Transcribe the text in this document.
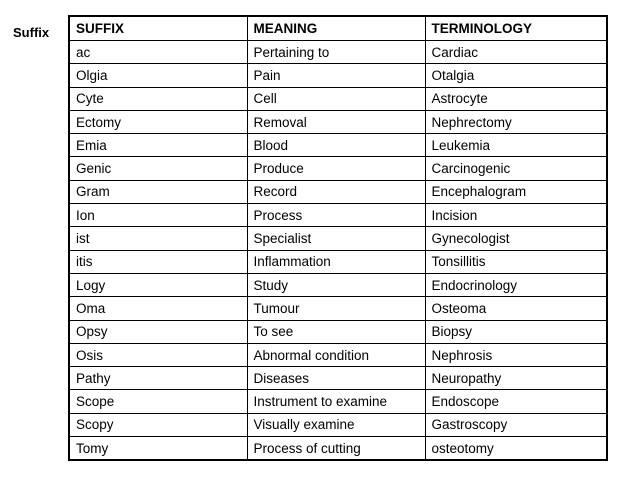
Suffix SUFFIX	MEANING	TERMINOLOGY
ac	Pertaining to	Cardiac
Olgia	Pain	Otalgia
Cyte	Cell	Astrocyte
Ectomy	Removal	Nephrectomy
Emia	Blood	Leukemia
Genic	Produce	Carcinogenic
Gram	Record	Encephalogram
Ion	Process	Incision
ist	Specialist	Gynecologist
itis	Inflammation	Tonsillitis
Logy	Study	Endocrinology
Oma	Tumour	Osteoma
Opsy	To see	Biopsy
Osis	Abnormal condition	Nephrosis
Pathy	Diseases	Neuropathy
Scope	Instrument to examine	Endoscope
Scopy	Visually examine	Gastroscopy
Tomy	Process of cutting	osteotomy
